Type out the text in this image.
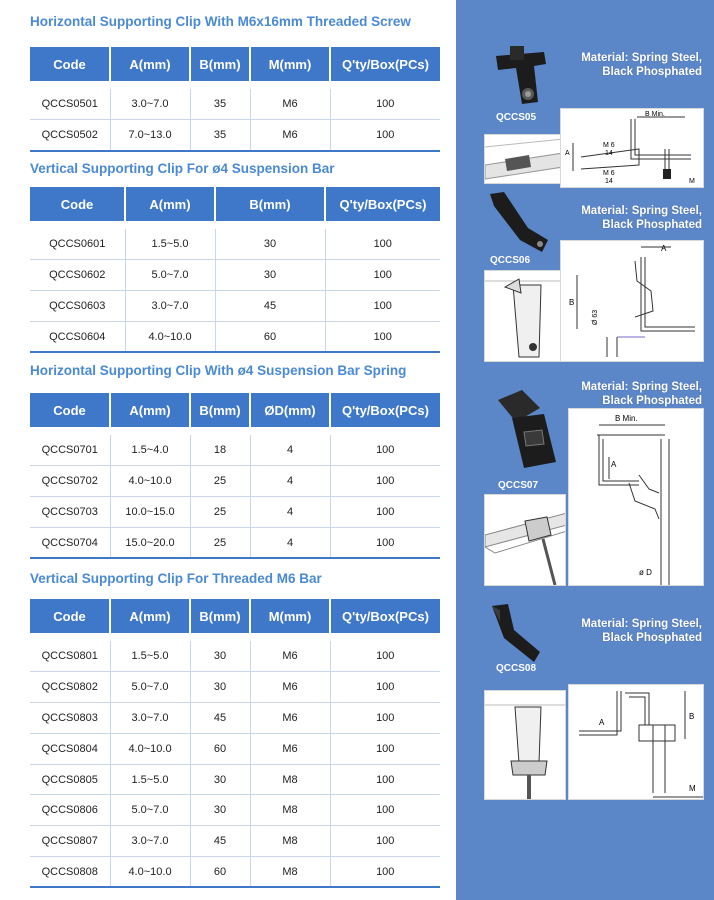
Horizontal Supporting Clip With M6x16mm Threaded Screw
Code	A(mm)	B(mm)	M(mm)	Q'ty/Box(PCs)

QCCS0501	3.0~7.0	35	M6	100
QCCS0502	7.0~13.0	35	M6	100
Vertical Supporting Clip For ø4 Suspension Bar
Code	A(mm)	B(mm)	Q'ty/Box(PCs)

QCCS0601	1.5~5.0	30	100
QCCS0602	5.0~7.0	30	100
QCCS0603	3.0~7.0	45	100
QCCS0604	4.0~10.0	60	100
Horizontal Supporting Clip With ø4 Suspension Bar Spring
Code	A(mm)	B(mm)	ØD(mm)	Q'ty/Box(PCs)

QCCS0701	1.5~4.0	18	4	100
QCCS0702	4.0~10.0	25	4	100
QCCS0703	10.0~15.0	25	4	100
QCCS0704	15.0~20.0	25	4	100
Vertical Supporting Clip For Threaded M6 Bar
Code	A(mm)	B(mm)	M(mm)	Q'ty/Box(PCs)

QCCS0801	1.5~5.0	30	M6	100
QCCS0802	5.0~7.0	30	M6	100
QCCS0803	3.0~7.0	45	M6	100
QCCS0804	4.0~10.0	60	M6	100
QCCS0805	1.5~5.0	30	M8	100
QCCS0806	5.0~7.0	30	M8	100
QCCS0807	3.0~7.0	45	M8	100
QCCS0808	4.0~10.0	60	M8	100
Material: Spring Steel,
Black Phosphated
QCCS05	B Min.
A
M 6
14
M 6
14	M
Material: Spring Steel,
Black Phosphated
QCCS06
A
B
Ø 63
Material: Spring Steel,
Black Phosphated
QCCS07
B Min.
A
ø D
Material: Spring Steel,
Black Phosphated
QCCS08
A
B
M
